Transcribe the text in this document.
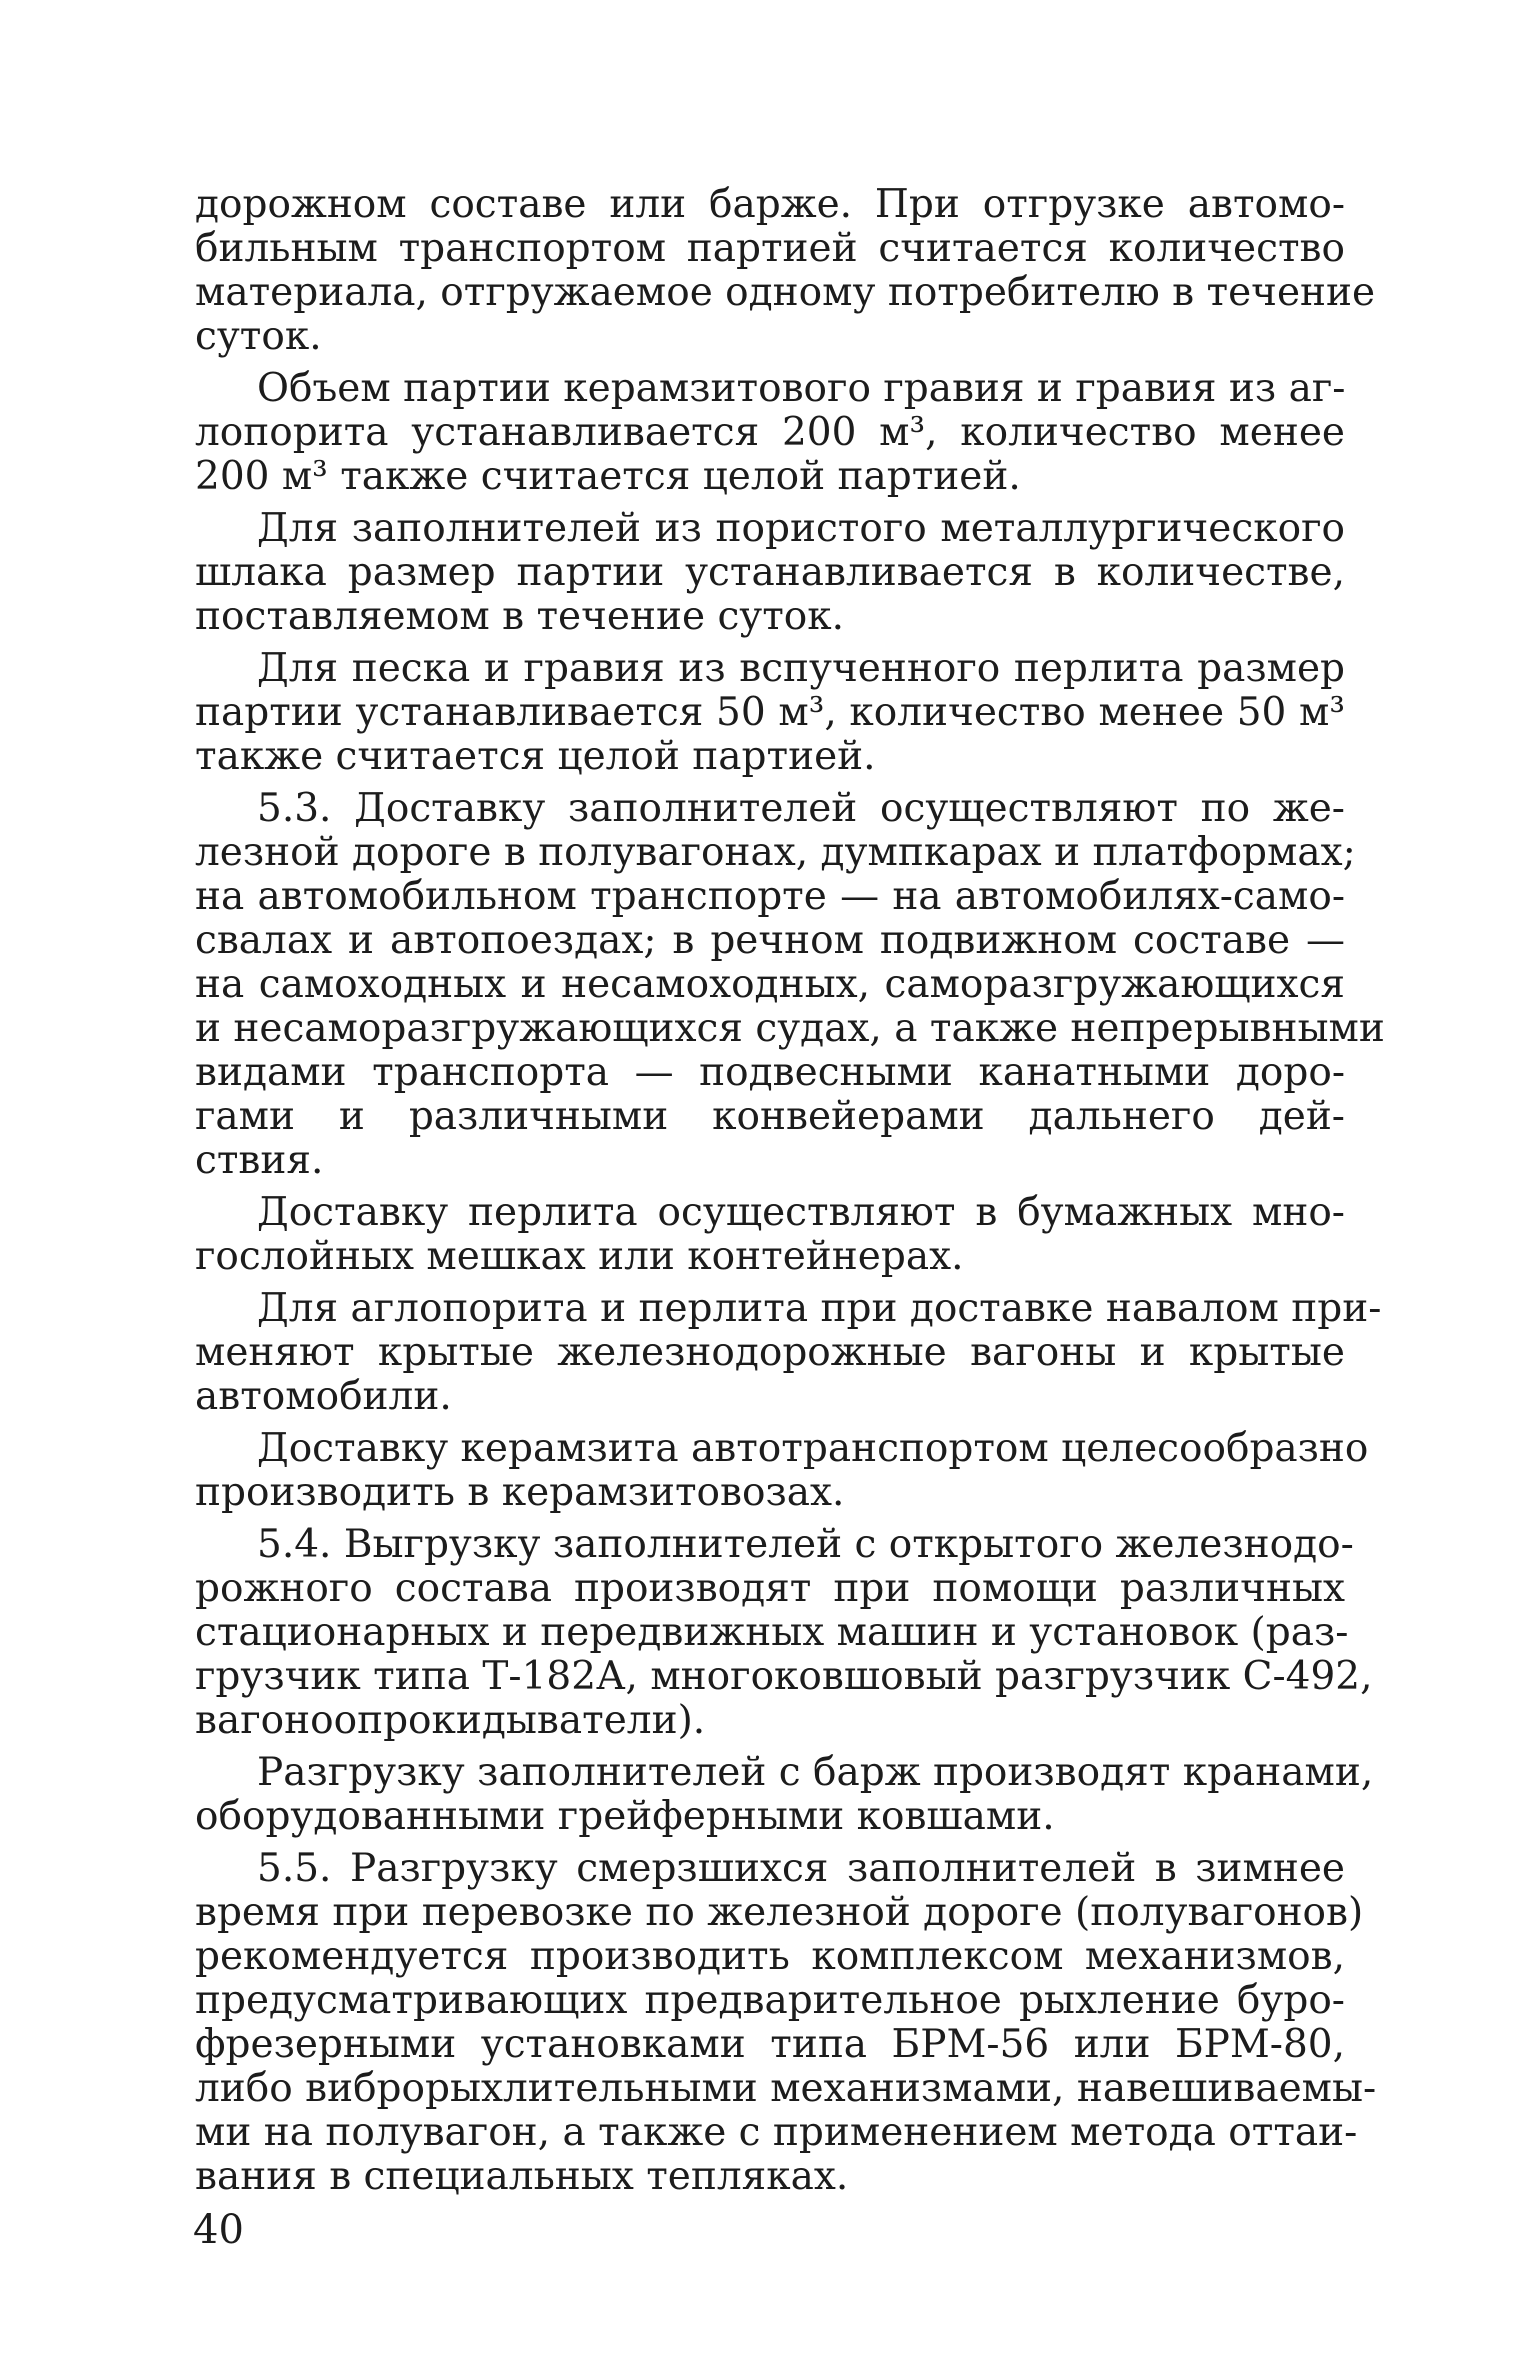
дорожном составе или барже. При отгрузке автомо-
бильным транспортом партией считается количество
материала, отгружаемое одному потребителю в течение
суток.
Объем партии керамзитового гравия и гравия из аг-
лопорита устанавливается 200 м³, количество менее
200 м³ также считается целой партией.
Для заполнителей из пористого металлургического
шлака размер партии устанавливается в количестве,
поставляемом в течение суток.
Для песка и гравия из вспученного перлита размер
партии устанавливается 50 м³, количество менее 50 м³
также считается целой партией.
5.3. Доставку заполнителей осуществляют по же-
лезной дороге в полувагонах, думпкарах и платформах;
на автомобильном транспорте — на автомобилях-само-
свалах и автопоездах; в речном подвижном составе —
на самоходных и несамоходных, саморазгружающихся
и несаморазгружающихся судах, а также непрерывными
видами транспорта — подвесными канатными доро-
гами и различными конвейерами дальнего дей-
ствия.
Доставку перлита осуществляют в бумажных мно-
гослойных мешках или контейнерах.
Для аглопорита и перлита при доставке навалом при-
меняют крытые железнодорожные вагоны и крытые
автомобили.
Доставку керамзита автотранспортом целесообразно
производить в керамзитовозах.
5.4. Выгрузку заполнителей с открытого железнодо-
рожного состава производят при помощи различных
стационарных и передвижных машин и установок (раз-
грузчик типа Т-182А, многоковшовый разгрузчик С-492,
вагоноопрокидыватели).
Разгрузку заполнителей с барж производят кранами,
оборудованными грейферными ковшами.
5.5. Разгрузку смерзшихся заполнителей в зимнее
время при перевозке по железной дороге (полувагонов)
рекомендуется производить комплексом механизмов,
предусматривающих предварительное рыхление буро-
фрезерными установками типа БРМ-56 или БРМ-80,
либо виброрыхлительными механизмами, навешиваемы-
ми на полувагон, а также с применением метода оттаи-
вания в специальных тепляках.
40
